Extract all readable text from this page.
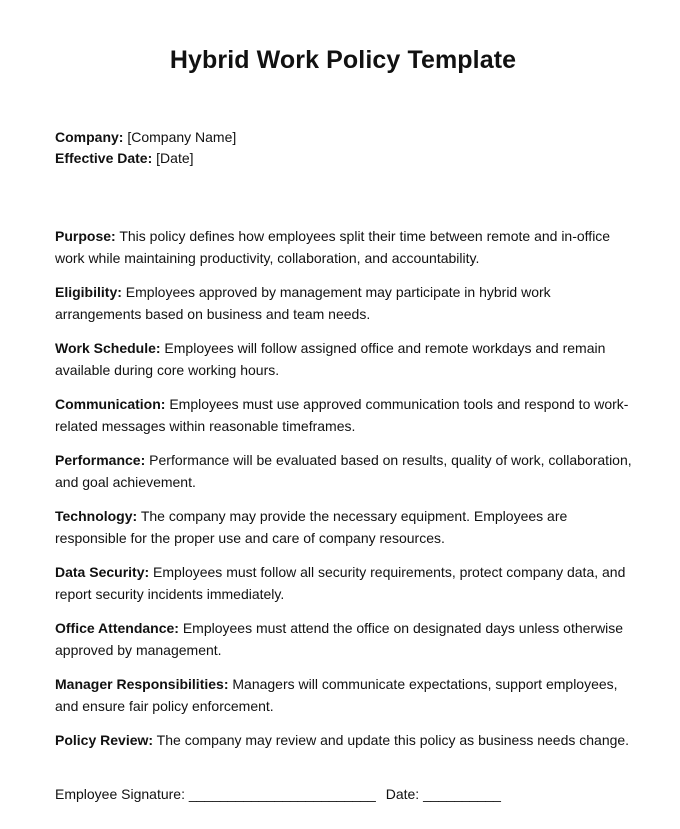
Hybrid Work Policy Template
Company: [Company Name]
Effective Date: [Date]

Purpose: This policy defines how employees split their time between remote and in-office work while maintaining productivity, collaboration, and accountability.

Eligibility: Employees approved by management may participate in hybrid work arrangements based on business and team needs.

Work Schedule: Employees will follow assigned office and remote workdays and remain available during core working hours.

Communication: Employees must use approved communication tools and respond to work-related messages within reasonable timeframes.

Performance: Performance will be evaluated based on results, quality of work, collaboration, and goal achievement.

Technology: The company may provide the necessary equipment. Employees are responsible for the proper use and care of company resources.

Data Security: Employees must follow all security requirements, protect company data, and report security incidents immediately.

Office Attendance: Employees must attend the office on designated days unless otherwise approved by management.

Manager Responsibilities: Managers will communicate expectations, support employees, and ensure fair policy enforcement.

Policy Review: The company may review and update this policy as business needs change.

Employee Signature: ________________________ Date: __________
